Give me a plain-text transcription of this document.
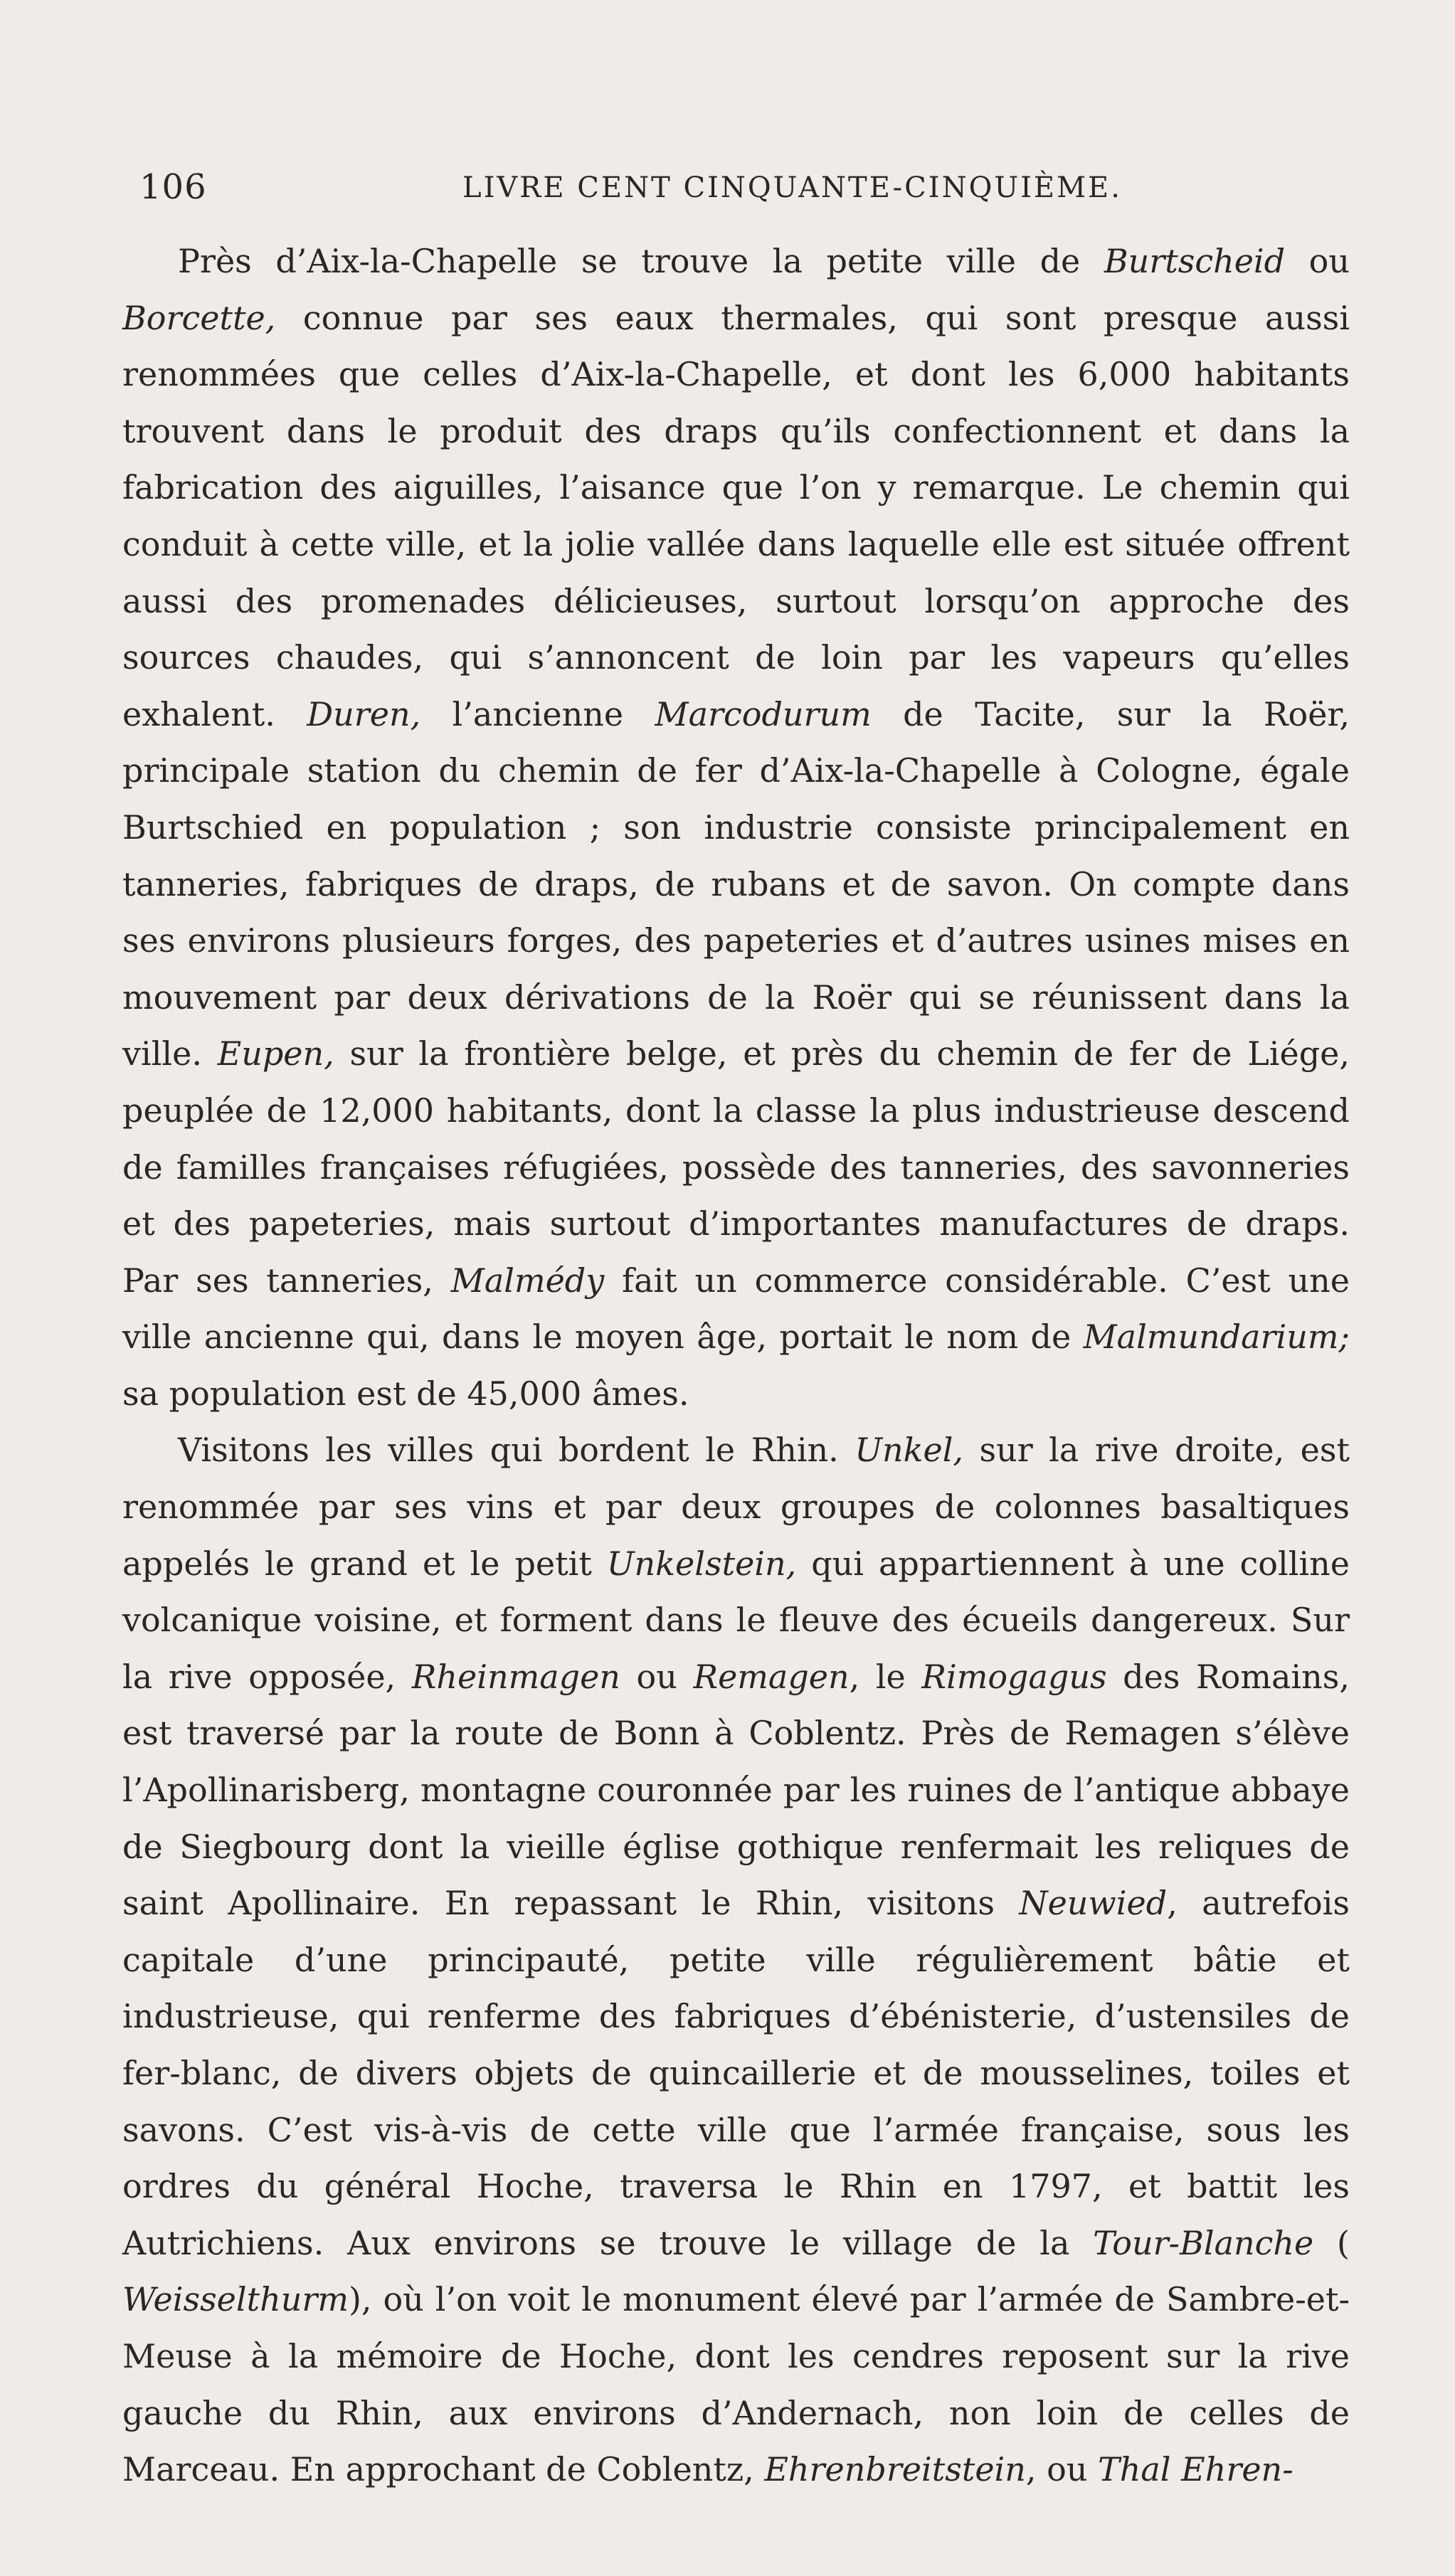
106	LIVRE CENT CINQUANTE-CINQUIÈME.

Près d’Aix-la-Chapelle se trouve la petite ville de Burtscheid ou Borcette, connue par ses eaux thermales, qui sont presque aussi renommées que celles d’Aix-la-Chapelle, et dont les 6,000 habitants trouvent dans le produit des draps qu’ils confectionnent et dans la fabrication des aiguilles, l’aisance que l’on y remarque. Le chemin qui conduit à cette ville, et la jolie vallée dans laquelle elle est située offrent aussi des promenades délicieuses, surtout lorsqu’on approche des sources chaudes, qui s’annoncent de loin par les vapeurs qu’elles exhalent. Duren, l’ancienne Marcodurum de Tacite, sur la Roër, principale station du chemin de fer d’Aix-la-Chapelle à Cologne, égale Burtschied en population ; son industrie consiste principalement en tanneries, fabriques de draps, de rubans et de savon. On compte dans ses environs plusieurs forges, des papeteries et d’autres usines mises en mouvement par deux dérivations de la Roër qui se réunissent dans la ville. Eupen, sur la frontière belge, et près du chemin de fer de Liége, peuplée de 12,000 habitants, dont la classe la plus industrieuse descend de familles françaises réfugiées, possède des tanneries, des savonneries et des papeteries, mais surtout d’importantes manufactures de draps. Par ses tanneries, Malmédy fait un commerce considérable. C’est une ville ancienne qui, dans le moyen âge, portait le nom de Malmundarium; sa population est de 45,000 âmes.

Visitons les villes qui bordent le Rhin. Unkel, sur la rive droite, est renommée par ses vins et par deux groupes de colonnes basaltiques appelés le grand et le petit Unkelstein, qui appartiennent à une colline volcanique voisine, et forment dans le fleuve des écueils dangereux. Sur la rive opposée, Rheinmagen ou Remagen, le Rimogagus des Romains, est traversé par la route de Bonn à Coblentz. Près de Remagen s’élève l’Apollinarisberg, montagne couronnée par les ruines de l’antique abbaye de Siegbourg dont la vieille église gothique renfermait les reliques de saint Apollinaire. En repassant le Rhin, visitons Neuwied, autrefois capitale d’une principauté, petite ville régulièrement bâtie et industrieuse, qui renferme des fabriques d’ébénisterie, d’ustensiles de fer-blanc, de divers objets de quincaillerie et de mousselines, toiles et savons. C’est vis-à-vis de cette ville que l’armée française, sous les ordres du général Hoche, traversa le Rhin en 1797, et battit les Autrichiens. Aux environs se trouve le village de la Tour-Blanche ( Weisselthurm), où l’on voit le monument élevé par l’armée de Sambre-et-Meuse à la mémoire de Hoche, dont les cendres reposent sur la rive gauche du Rhin, aux environs d’Andernach, non loin de celles de Marceau. En approchant de Coblentz, Ehrenbreitstein, ou Thal Ehren-
